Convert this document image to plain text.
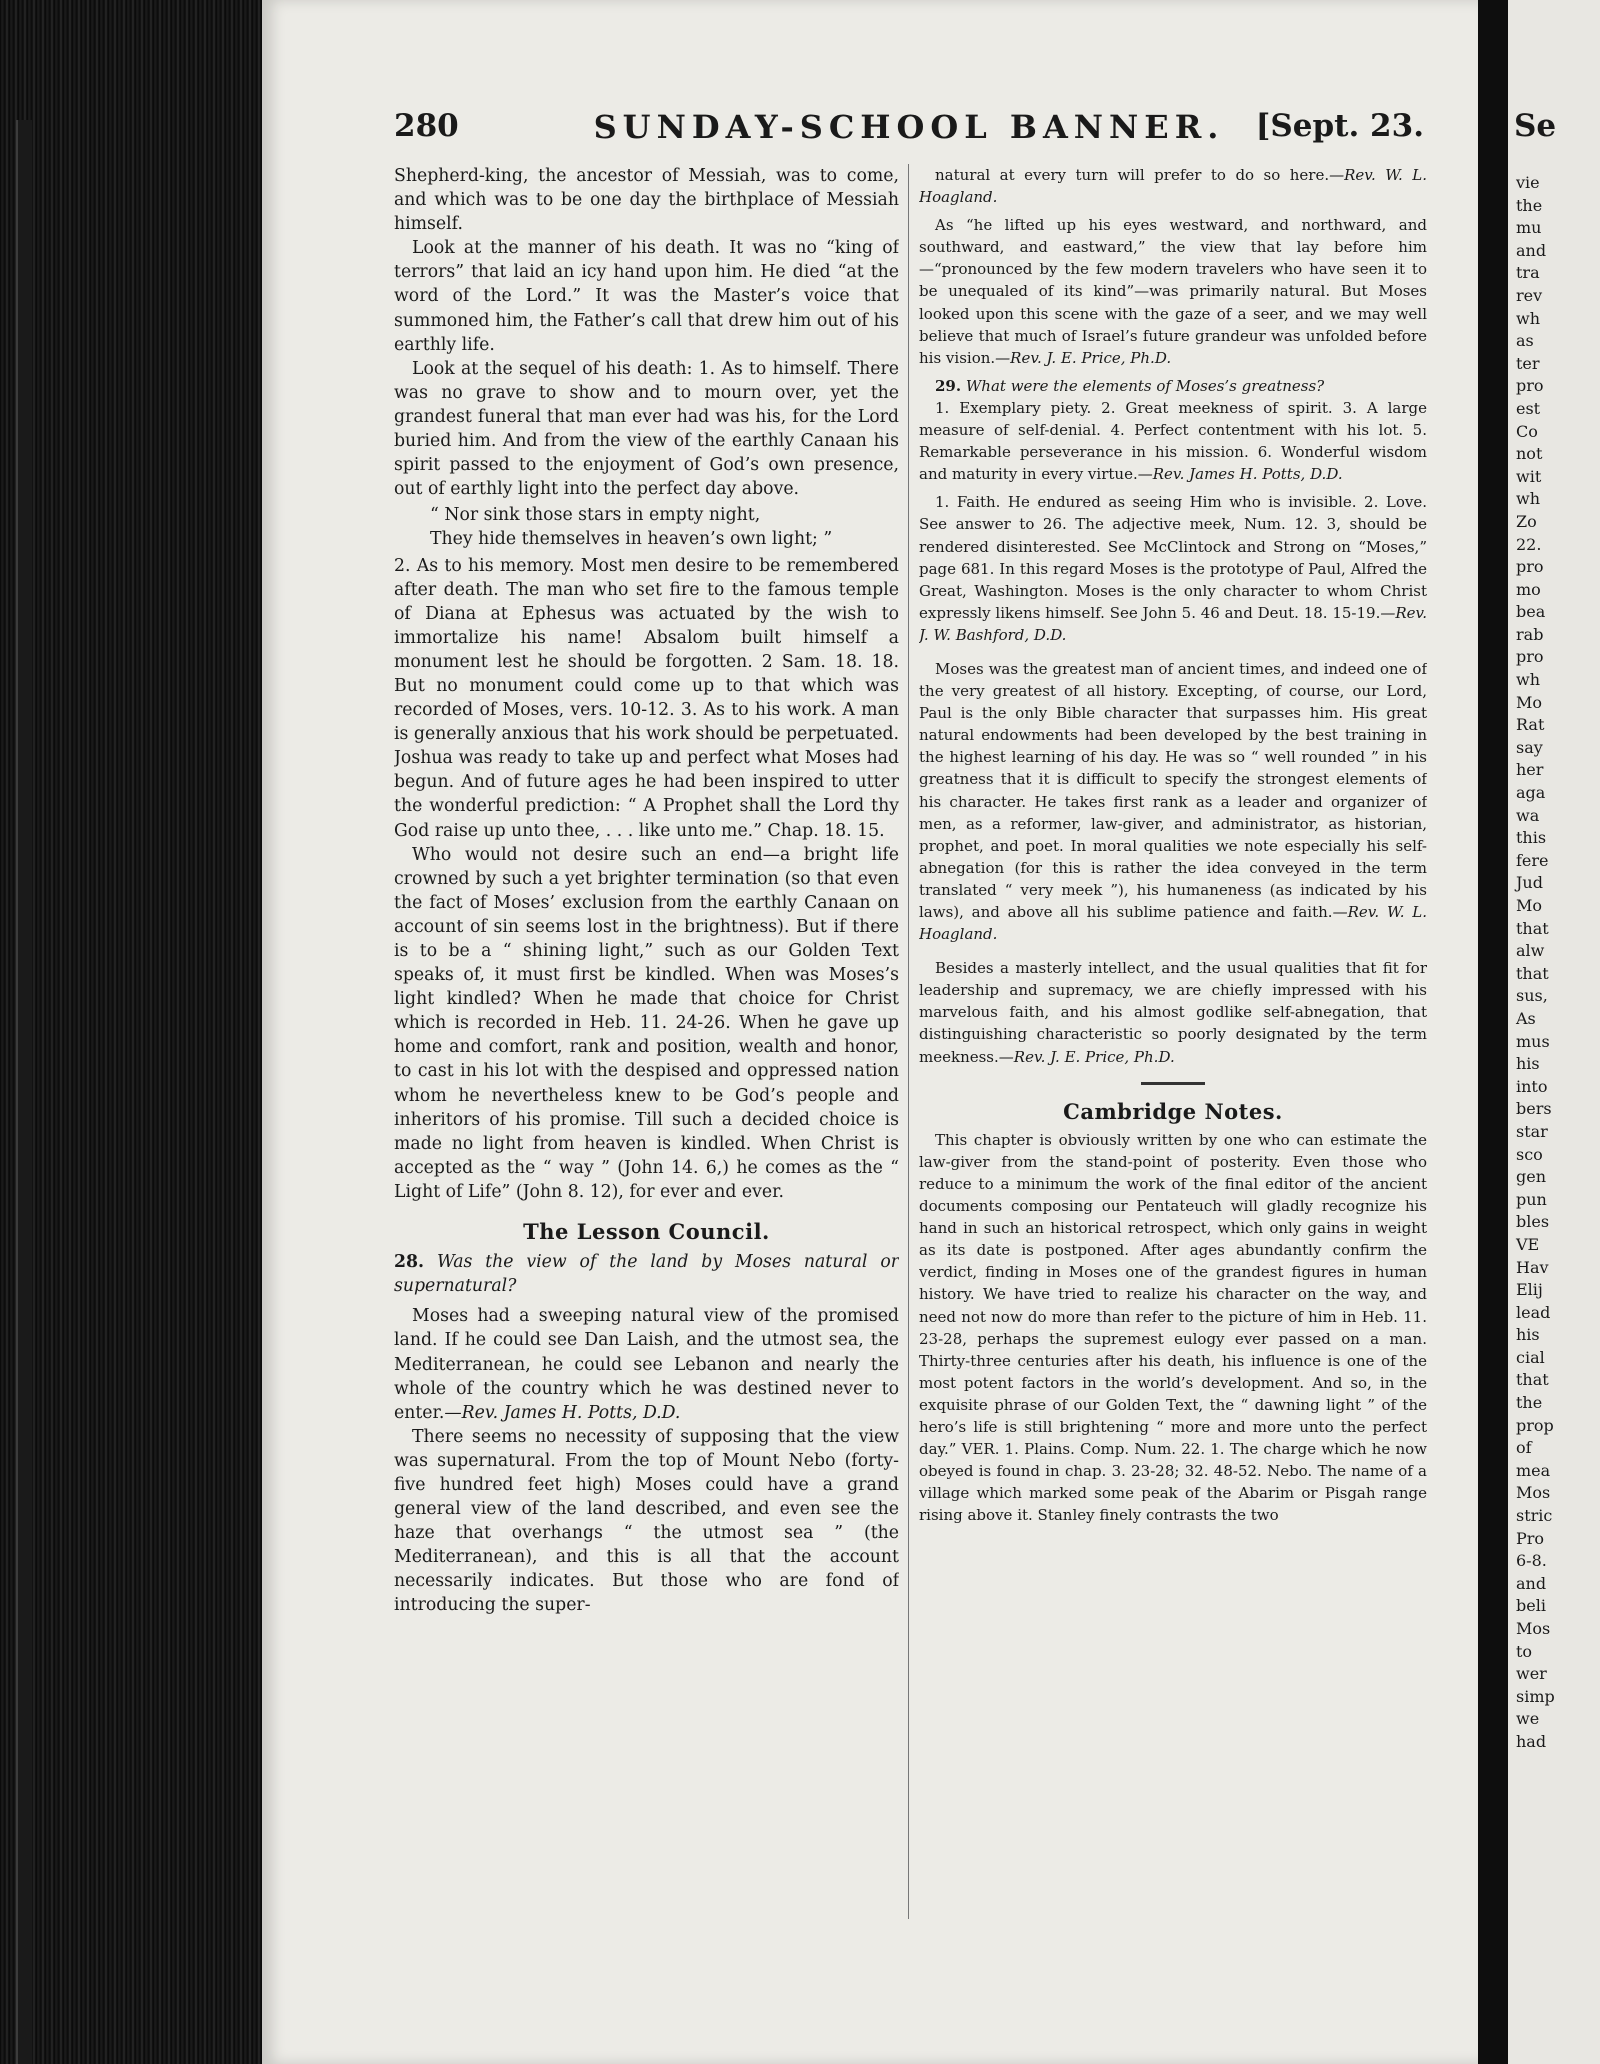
280	SUNDAY-SCHOOL BANNER.	[Sept. 23.

Shepherd-king, the ancestor of Messiah, was to come, and which was to be one day the birthplace of Messiah himself.

Look at the manner of his death. It was no “king of terrors” that laid an icy hand upon him. He died “at the word of the Lord.” It was the Master’s voice that summoned him, the Father’s call that drew him out of his earthly life.

Look at the sequel of his death: 1. As to himself. There was no grave to show and to mourn over, yet the grandest funeral that man ever had was his, for the Lord buried him. And from the view of the earthly Canaan his spirit passed to the enjoyment of God’s own presence, out of earthly light into the perfect day above.

“ Nor sink those stars in empty night,
They hide themselves in heaven’s own light; ”

2. As to his memory. Most men desire to be remembered after death. The man who set fire to the famous temple of Diana at Ephesus was actuated by the wish to immortalize his name! Absalom built himself a monument lest he should be forgotten. 2 Sam. 18. 18. But no monument could come up to that which was recorded of Moses, vers. 10-12. 3. As to his work. A man is generally anxious that his work should be perpetuated. Joshua was ready to take up and perfect what Moses had begun. And of future ages he had been inspired to utter the wonderful prediction: “ A Prophet shall the Lord thy God raise up unto thee, . . . like unto me.” Chap. 18. 15.

Who would not desire such an end—a bright life crowned by such a yet brighter termination (so that even the fact of Moses’ exclusion from the earthly Canaan on account of sin seems lost in the brightness). But if there is to be a “ shining light,” such as our Golden Text speaks of, it must first be kindled. When was Moses’s light kindled? When he made that choice for Christ which is recorded in Heb. 11. 24-26. When he gave up home and comfort, rank and position, wealth and honor, to cast in his lot with the despised and oppressed nation whom he nevertheless knew to be God’s people and inheritors of his promise. Till such a decided choice is made no light from heaven is kindled. When Christ is accepted as the “ way ” (John 14. 6,) he comes as the “ Light of Life” (John 8. 12), for ever and ever.

The Lesson Council.

28. Was the view of the land by Moses natural or supernatural?

Moses had a sweeping natural view of the promised land. If he could see Dan Laish, and the utmost sea, the Mediterranean, he could see Lebanon and nearly the whole of the country which he was destined never to enter.—Rev. James H. Potts, D.D.

There seems no necessity of supposing that the view was supernatural. From the top of Mount Nebo (forty-five hundred feet high) Moses could have a grand general view of the land described, and even see the haze that overhangs “ the utmost sea ” (the Mediterranean), and this is all that the account necessarily indicates. But those who are fond of introducing the super-

natural at every turn will prefer to do so here.—Rev. W. L. Hoagland.

As “he lifted up his eyes westward, and northward, and southward, and eastward,” the view that lay before him—“pronounced by the few modern travelers who have seen it to be unequaled of its kind”—was primarily natural. But Moses looked upon this scene with the gaze of a seer, and we may well believe that much of Israel’s future grandeur was unfolded before his vision.—Rev. J. E. Price, Ph.D.

29. What were the elements of Moses’s greatness?

1. Exemplary piety. 2. Great meekness of spirit. 3. A large measure of self-denial. 4. Perfect contentment with his lot. 5. Remarkable perseverance in his mission. 6. Wonderful wisdom and maturity in every virtue.—Rev. James H. Potts, D.D.

1. Faith. He endured as seeing Him who is invisible. 2. Love. See answer to 26. The adjective meek, Num. 12. 3, should be rendered disinterested. See McClintock and Strong on “Moses,” page 681. In this regard Moses is the prototype of Paul, Alfred the Great, Washington. Moses is the only character to whom Christ expressly likens himself. See John 5. 46 and Deut. 18. 15-19.—Rev. J. W. Bashford, D.D.

Moses was the greatest man of ancient times, and indeed one of the very greatest of all history. Excepting, of course, our Lord, Paul is the only Bible character that surpasses him. His great natural endowments had been developed by the best training in the highest learning of his day. He was so “ well rounded ” in his greatness that it is difficult to specify the strongest elements of his character. He takes first rank as a leader and organizer of men, as a reformer, law-giver, and administrator, as historian, prophet, and poet. In moral qualities we note especially his self-abnegation (for this is rather the idea conveyed in the term translated “ very meek ”), his humaneness (as indicated by his laws), and above all his sublime patience and faith.—Rev. W. L. Hoagland.

Besides a masterly intellect, and the usual qualities that fit for leadership and supremacy, we are chiefly impressed with his marvelous faith, and his almost godlike self-abnegation, that distinguishing characteristic so poorly designated by the term meekness.—Rev. J. E. Price, Ph.D.

Cambridge Notes.

This chapter is obviously written by one who can estimate the law-giver from the stand-point of posterity. Even those who reduce to a minimum the work of the final editor of the ancient documents composing our Pentateuch will gladly recognize his hand in such an historical retrospect, which only gains in weight as its date is postponed. After ages abundantly confirm the verdict, finding in Moses one of the grandest figures in human history. We have tried to realize his character on the way, and need not now do more than refer to the picture of him in Heb. 11. 23-28, perhaps the supremest eulogy ever passed on a man. Thirty-three centuries after his death, his influence is one of the most potent factors in the world’s development. And so, in the exquisite phrase of our Golden Text, the “ dawning light ” of the hero’s life is still brightening “ more and more unto the perfect day.” VER. 1. Plains. Comp. Num. 22. 1. The charge which he now obeyed is found in chap. 3. 23-28; 32. 48-52. Nebo. The name of a village which marked some peak of the Abarim or Pisgah range rising above it. Stanley finely contrasts the two

Se
vie
the
mu
and
tra
rev
wh
as
ter
pro
est
Co
not
wit
wh
Zo
22.
pro
mo
bea
rab
pro
wh
Mo
Rat
say
her
aga
wa
this
fere
Jud
Mo
that
alw
that
sus,
As
mus
his
into
bers
star
sco
gen
pun
bles
VE
Hav
Elij
lead
his
cial
that
the
prop
of
mea
Mos
stric
Pro
6-8.
and
beli
Mos
to
wer
simp
we
had
